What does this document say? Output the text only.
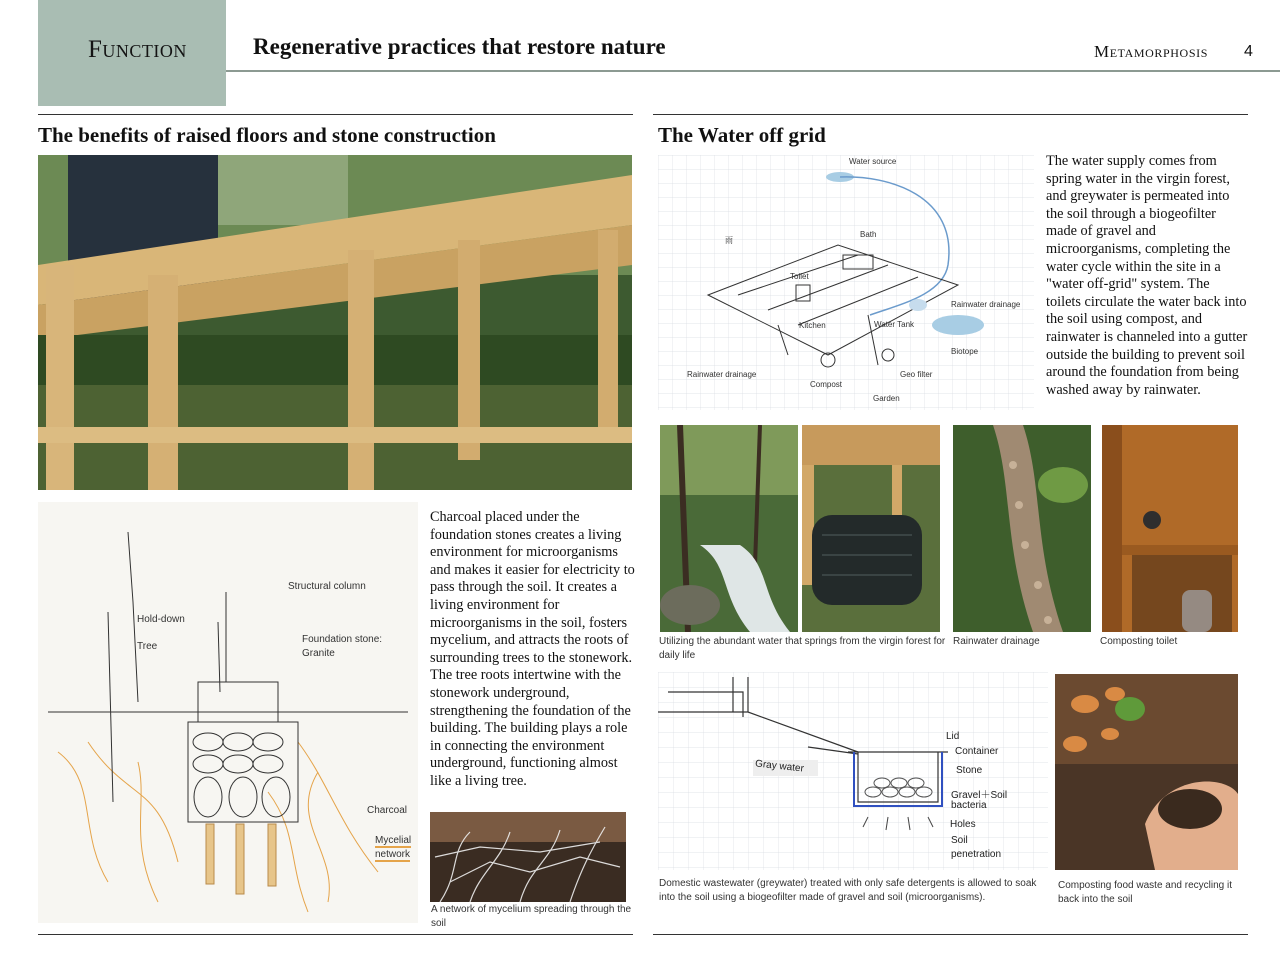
Function	Regenerative practices that restore nature	Metamorphosis 4
The benefits of raised floors and stone construction
Structural column
Hold-down
Tree
Foundation stone:
Granite
Charcoal
Mycelial
network
Charcoal placed under the foundation stones creates a living environment for microorganisms and makes it easier for electricity to pass through the soil. It creates a living environment for microorganisms in the soil, fosters mycelium, and attracts the roots of surrounding trees to the stonework. The tree roots intertwine with the stonework underground, strengthening the foundation of the building. The building plays a role in connecting the environment underground, functioning almost like a living tree.
A network of mycelium spreading through the soil
The Water off grid
Water source
雨
Bath
Toilet
Rainwater drainage
Kitchen	Water Tank
Biotope
Rainwater drainage	Geo filter
Compost
Garden
The water supply comes from spring water in the virgin forest, and greywater is permeated into the soil through a biogeofilter made of gravel and microorganisms, completing the water cycle within the site in a "water off-grid" system. The toilets circulate the water back into the soil using compost, and rainwater is channeled into a gutter outside the building to prevent soil around the foundation from being washed away by rainwater.
Utilizing the abundant water that springs from the virgin forest for daily life
Rainwater drainage	Composting toilet
Gray water
Lid
Container
Stone
Gravel＋Soil
bacteria
Holes
Soil
penetration
Domestic wastewater (greywater) treated with only safe detergents is allowed to soak into the soil using a biogeofilter made of gravel and soil (microorganisms).
Composting food waste and recycling it back into the soil
